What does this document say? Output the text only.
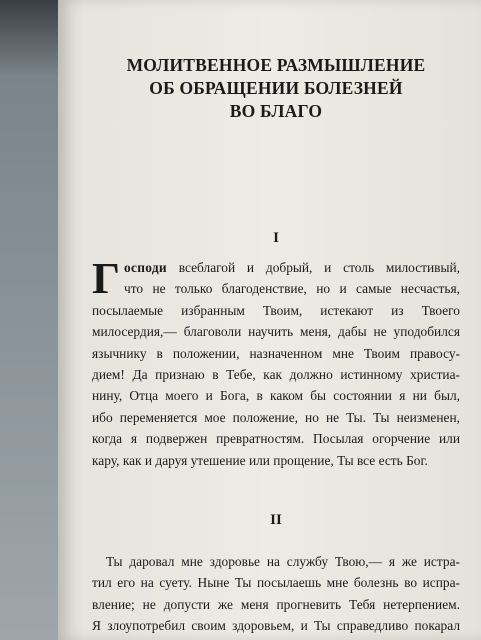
МОЛИТВЕННОЕ РАЗМЫШЛЕНИЕ
ОБ ОБРАЩЕНИИ БОЛЕЗНЕЙ
ВО БЛАГО
I
Г осподи всеблагой и добрый, и столь милостивый,
что не только благоденствие, но и самые несчастья,
посылаемые избранным Твоим, истекают из Твоего
милосердия,— благоволи научить меня, дабы не уподобился
язычнику в положении, назначенном мне Твоим правосу-
дием! Да признаю в Тебе, как должно истинному христиа-
нину, Отца моего и Бога, в каком бы состоянии я ни был,
ибо переменяется мое положение, но не Ты. Ты неизменен,
когда я подвержен превратностям. Посылая огорчение или
кару, как и даруя утешение или прощение, Ты все есть Бог.
II
Ты даровал мне здоровье на службу Твою,— я же истра-
тил его на суету. Ныне Ты посылаешь мне болезнь во испра-
вление; не допусти же меня прогневить Тебя нетерпением.
Я злоупотребил своим здоровьем, и Ты справедливо покарал
